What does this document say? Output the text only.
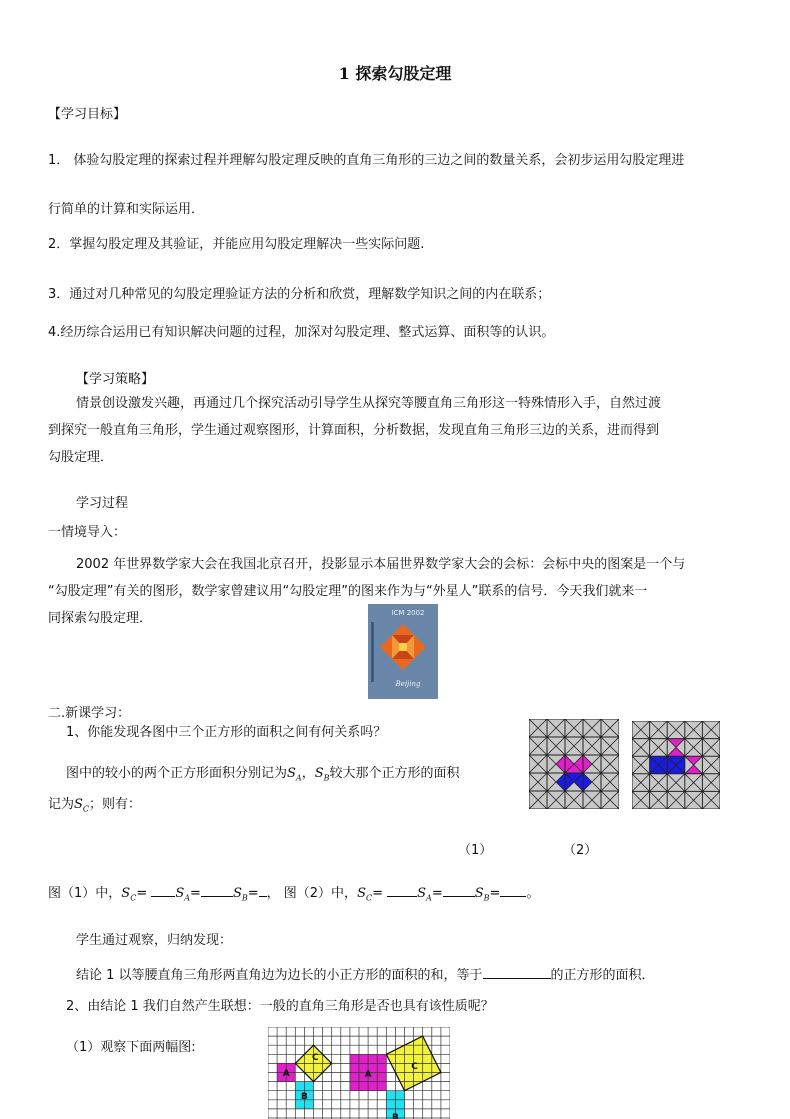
1 探索勾股定理
【学习目标】
1． 体验勾股定理的探索过程并理解勾股定理反映的直角三角形的三边之间的数量关系，会初步运用勾股定理进
行简单的计算和实际运用．
2．掌握勾股定理及其验证，并能应用勾股定理解决一些实际问题.
3．通过对几种常见的勾股定理验证方法的分析和欣赏，理解数学知识之间的内在联系；
4.经历综合运用已有知识解决问题的过程，加深对勾股定理、整式运算、面积等的认识。
【学习策略】
情景创设激发兴趣，再通过几个探究活动引导学生从探究等腰直角三角形这一特殊情形入手，自然过渡
到探究一般直角三角形，学生通过观察图形，计算面积，分析数据，发现直角三角形三边的关系，进而得到
勾股定理．
学习过程
一情境导入：
2002 年世界数学家大会在我国北京召开，投影显示本届世界数学家大会的会标：会标中央的图案是一个与
“勾股定理”有关的图形，数学家曾建议用“勾股定理”的图来作为与“外星人”联系的信号．今天我们就来一
同探索勾股定理．	ICM 2002
Beijing
二.新课学习：
1、你能发现各图中三个正方形的面积之间有何关系吗？
图中的较小的两个正方形面积分别记为$S_A$，$S_B$较大那个正方形的面积
记为$S_C$；则有：
（1）	（2）
图（1）中，$S_C= S_A= S_B=$ ， 图（2）中，$S_C=$	$S_A= S_B=$ 。
学生通过观察，归纳发现：
结论 1 以等腰直角三角形两直角边为边长的小正方形的面积的和，等于	的正方形的面积．
2、由结论 1 我们自然产生联想：一般的直角三角形是否也具有该性质呢？
（1）观察下面两幅图:
A
B
C
A
B
C
